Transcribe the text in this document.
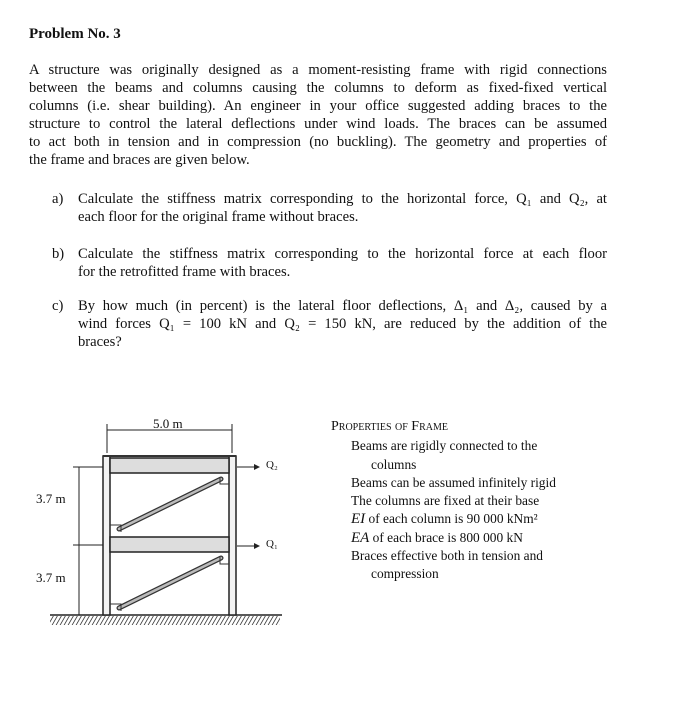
Problem No. 3
A structure was originally designed as a moment-resisting frame with rigid connections
between the beams and columns causing the columns to deform as fixed-fixed vertical
columns (i.e. shear building). An engineer in your office suggested adding braces to the
structure to control the lateral deflections under wind loads. The braces can be assumed
to act both in tension and in compression (no buckling). The geometry and properties of
the frame and braces are given below.
a) Calculate the stiffness matrix corresponding to the horizontal force, Q₁ and Q₂, at
each floor for the original frame without braces.
b) Calculate the stiffness matrix corresponding to the horizontal force at each floor
for the retrofitted frame with braces.
c) By how much (in percent) is the lateral floor deflections, Δ₁ and Δ₂, caused by a
wind forces Q₁ = 100 kN and Q₂ = 150 kN, are reduced by the addition of the
braces?
5.0 m
3.7 m
3.7 m
Q₂
Q₁
Properties of Frame
Beams are rigidly connected to the
columns
Beams can be assumed infinitely rigid
The columns are fixed at their base
EI of each column is 90 000 kNm²
EA of each brace is 800 000 kN
Braces effective both in tension and
compression
